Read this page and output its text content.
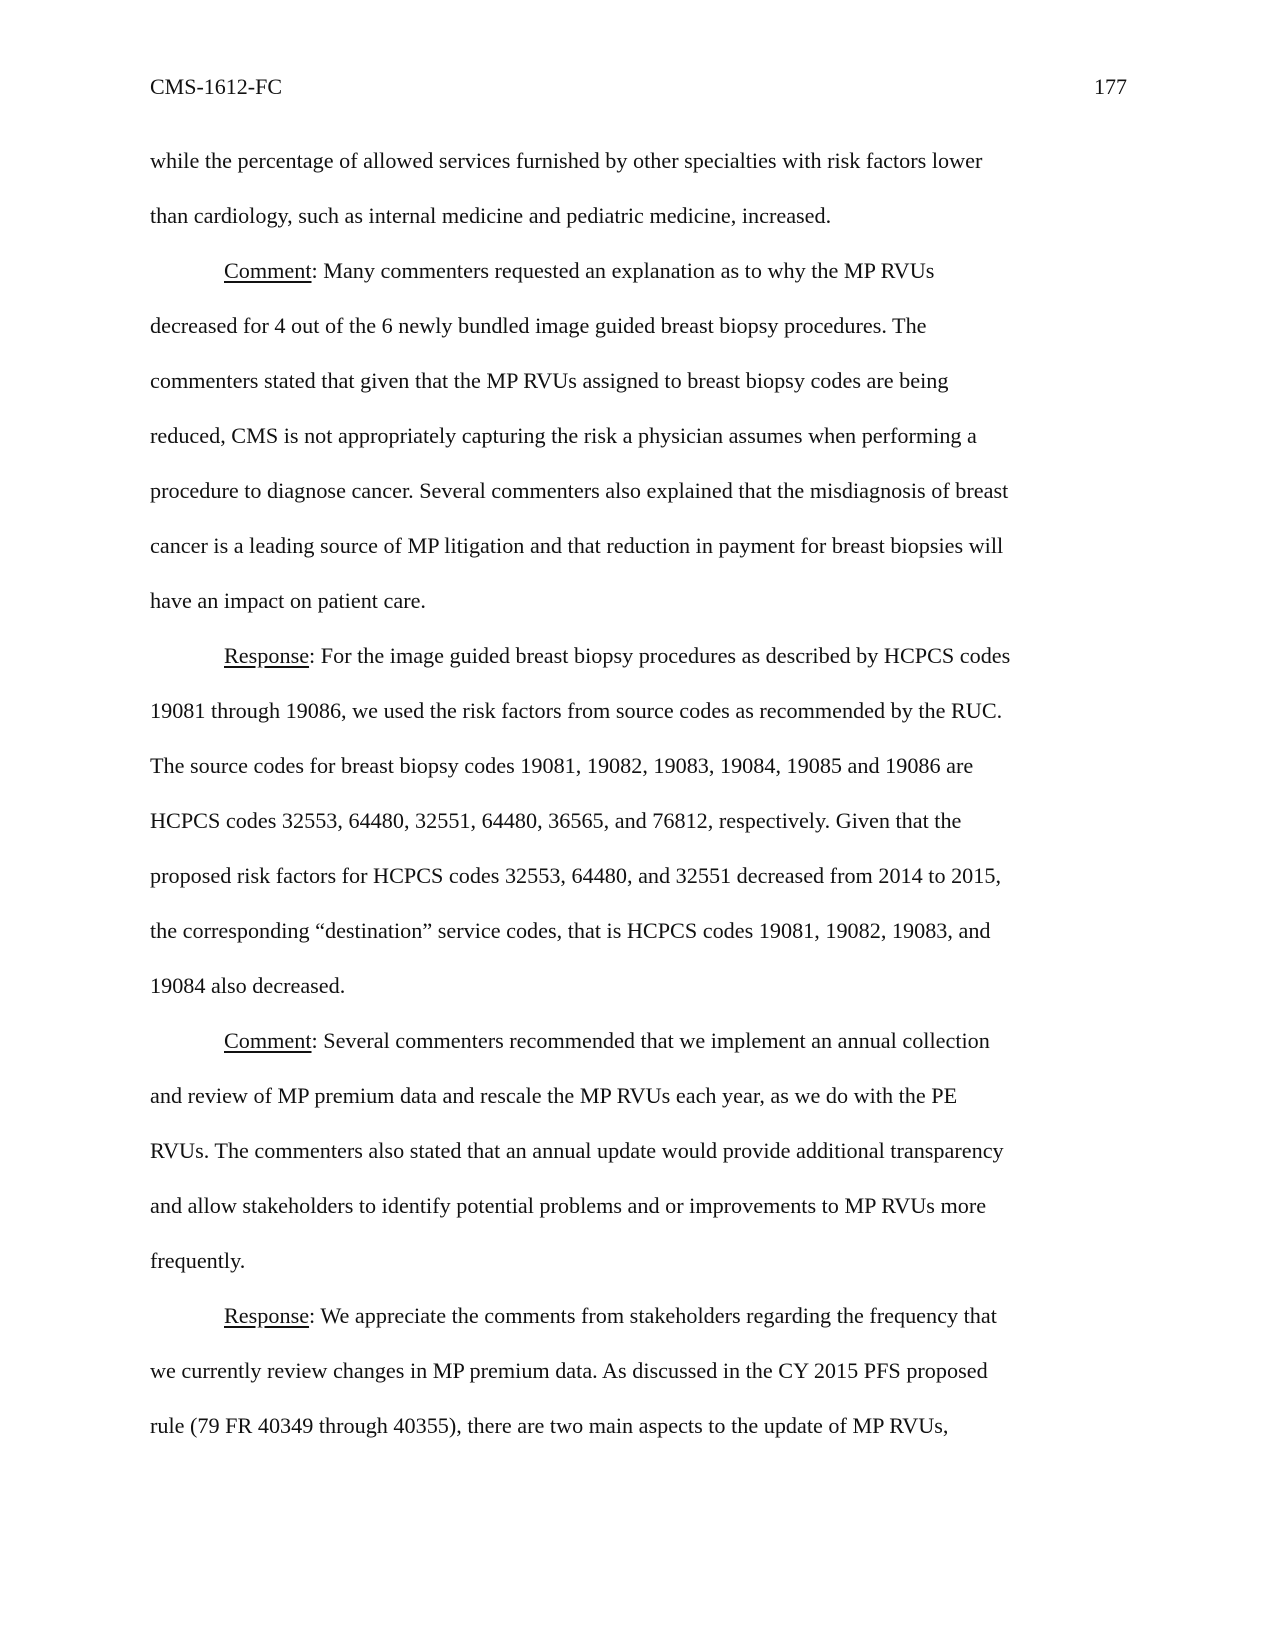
CMS-1612-FC	177
while the percentage of allowed services furnished by other specialties with risk factors lower
than cardiology, such as internal medicine and pediatric medicine, increased.
Comment: Many commenters requested an explanation as to why the MP RVUs
decreased for 4 out of the 6 newly bundled image guided breast biopsy procedures. The
commenters stated that given that the MP RVUs assigned to breast biopsy codes are being
reduced, CMS is not appropriately capturing the risk a physician assumes when performing a
procedure to diagnose cancer. Several commenters also explained that the misdiagnosis of breast
cancer is a leading source of MP litigation and that reduction in payment for breast biopsies will
have an impact on patient care.
Response: For the image guided breast biopsy procedures as described by HCPCS codes
19081 through 19086, we used the risk factors from source codes as recommended by the RUC.
The source codes for breast biopsy codes 19081, 19082, 19083, 19084, 19085 and 19086 are
HCPCS codes 32553, 64480, 32551, 64480, 36565, and 76812, respectively. Given that the
proposed risk factors for HCPCS codes 32553, 64480, and 32551 decreased from 2014 to 2015,
the corresponding “destination” service codes, that is HCPCS codes 19081, 19082, 19083, and
19084 also decreased.
Comment: Several commenters recommended that we implement an annual collection
and review of MP premium data and rescale the MP RVUs each year, as we do with the PE
RVUs. The commenters also stated that an annual update would provide additional transparency
and allow stakeholders to identify potential problems and or improvements to MP RVUs more
frequently.
Response: We appreciate the comments from stakeholders regarding the frequency that
we currently review changes in MP premium data. As discussed in the CY 2015 PFS proposed
rule (79 FR 40349 through 40355), there are two main aspects to the update of MP RVUs,
